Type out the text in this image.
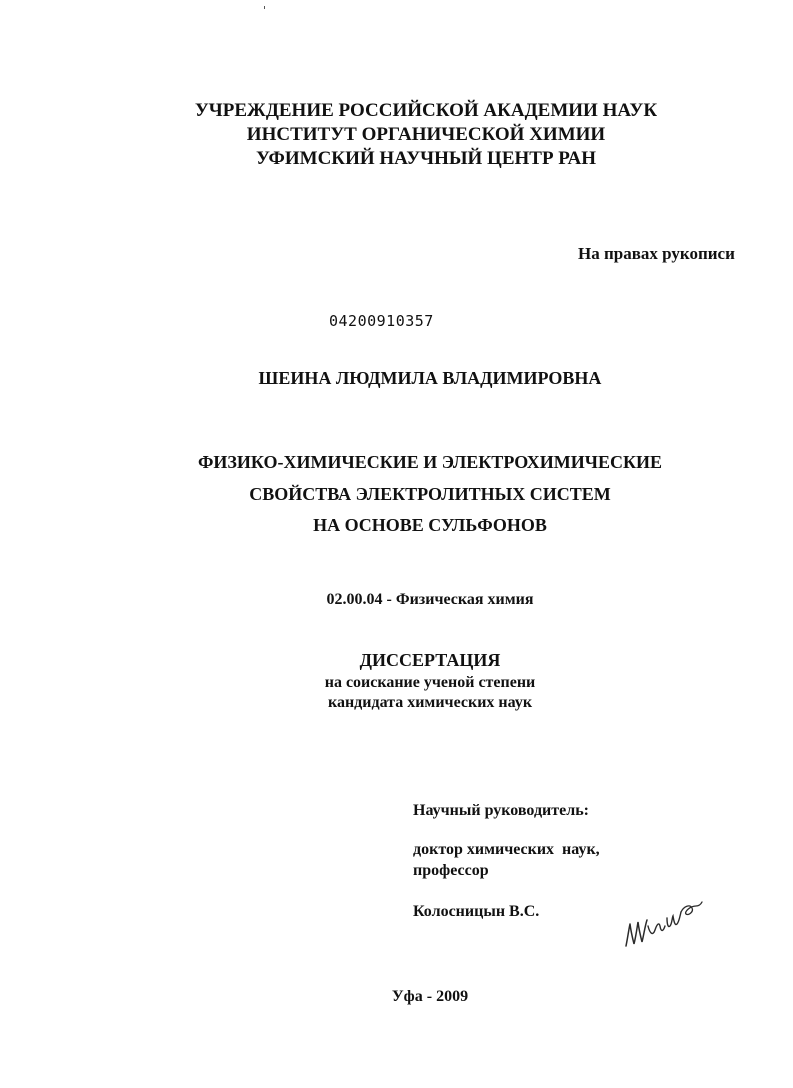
УЧРЕЖДЕНИЕ РОССИЙСКОЙ АКАДЕМИИ НАУК

ИНСТИТУТ ОРГАНИЧЕСКОЙ ХИМИИ

УФИМСКИЙ НАУЧНЫЙ ЦЕНТР РАН

На правах рукописи

04200910357

ШЕИНА ЛЮДМИЛА ВЛАДИМИРОВНА

ФИЗИКО-ХИМИЧЕСКИЕ И ЭЛЕКТРОХИМИЧЕСКИЕ

СВОЙСТВА ЭЛЕКТРОЛИТНЫХ СИСТЕМ

НА ОСНОВЕ СУЛЬФОНОВ

02.00.04 - Физическая химия

ДИССЕРТАЦИЯ

на соискание ученой степени

кандидата химических наук

Научный руководитель:

доктор химических  наук,

профессор

Колосницын В.С.

Уфа - 2009
